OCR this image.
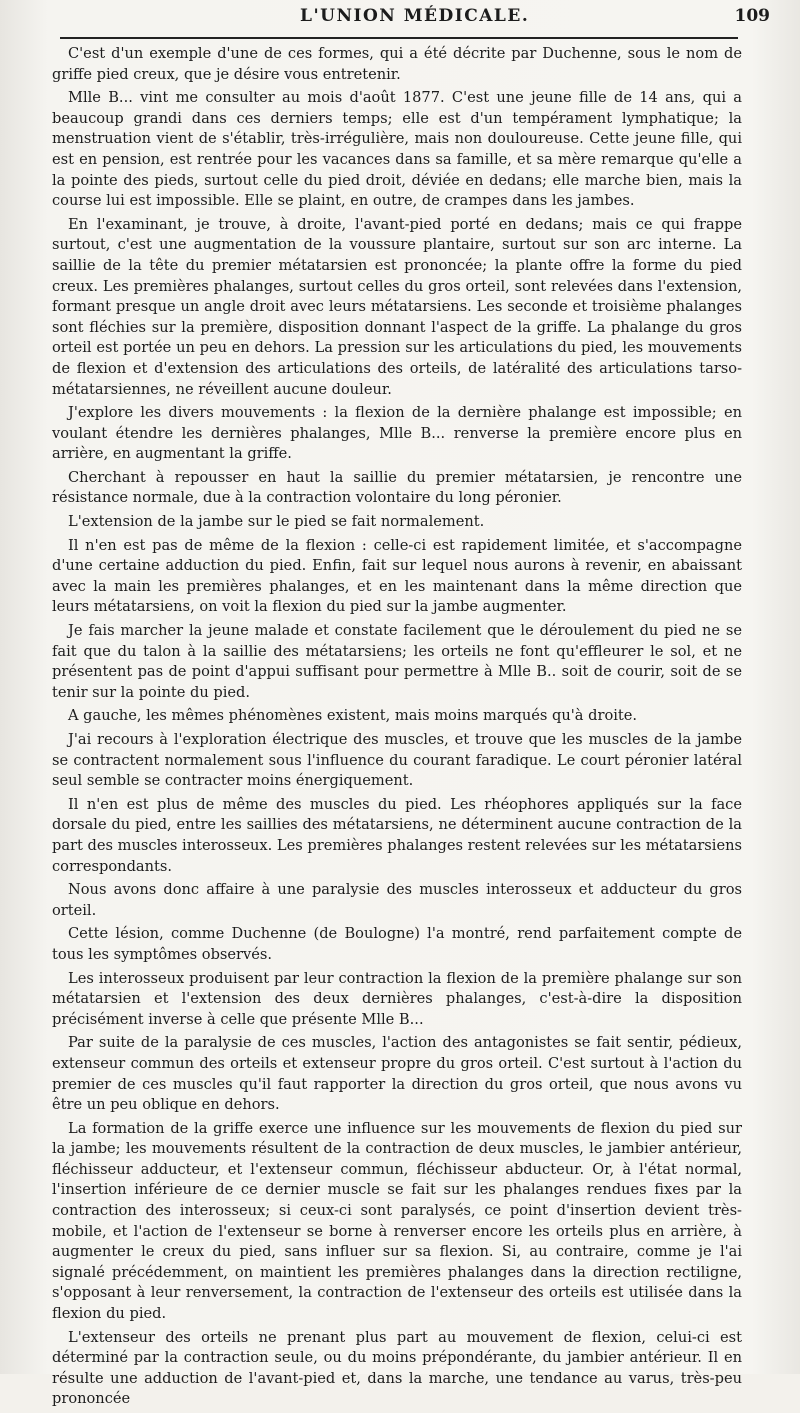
L'UNION MÉDICALE.	109

C'est d'un exemple d'une de ces formes, qui a été décrite par Duchenne, sous le nom de griffe pied creux, que je désire vous entretenir.

Mlle B... vint me consulter au mois d'août 1877. C'est une jeune fille de 14 ans, qui a beaucoup grandi dans ces derniers temps; elle est d'un tempérament lymphatique; la menstruation vient de s'établir, très-irrégulière, mais non douloureuse. Cette jeune fille, qui est en pension, est rentrée pour les vacances dans sa famille, et sa mère remarque qu'elle a la pointe des pieds, surtout celle du pied droit, déviée en dedans; elle marche bien, mais la course lui est impossible. Elle se plaint, en outre, de crampes dans les jambes.

En l'examinant, je trouve, à droite, l'avant-pied porté en dedans; mais ce qui frappe surtout, c'est une augmentation de la voussure plantaire, surtout sur son arc interne. La saillie de la tête du premier métatarsien est prononcée; la plante offre la forme du pied creux. Les premières phalanges, surtout celles du gros orteil, sont relevées dans l'extension, formant presque un angle droit avec leurs métatarsiens. Les seconde et troisième phalanges sont fléchies sur la première, disposition donnant l'aspect de la griffe. La phalange du gros orteil est portée un peu en dehors. La pression sur les articulations du pied, les mouvements de flexion et d'extension des articulations des orteils, de latéralité des articulations tarso-métatarsiennes, ne réveillent aucune douleur.

J'explore les divers mouvements : la flexion de la dernière phalange est impossible; en voulant étendre les dernières phalanges, Mlle B... renverse la première encore plus en arrière, en augmentant la griffe.

Cherchant à repousser en haut la saillie du premier métatarsien, je rencontre une résistance normale, due à la contraction volontaire du long péronier.

L'extension de la jambe sur le pied se fait normalement.

Il n'en est pas de même de la flexion : celle-ci est rapidement limitée, et s'accompagne d'une certaine adduction du pied. Enfin, fait sur lequel nous aurons à revenir, en abaissant avec la main les premières phalanges, et en les maintenant dans la même direction que leurs métatarsiens, on voit la flexion du pied sur la jambe augmenter.

Je fais marcher la jeune malade et constate facilement que le déroulement du pied ne se fait que du talon à la saillie des métatarsiens; les orteils ne font qu'effleurer le sol, et ne présentent pas de point d'appui suffisant pour permettre à Mlle B.. soit de courir, soit de se tenir sur la pointe du pied.

A gauche, les mêmes phénomènes existent, mais moins marqués qu'à droite.

J'ai recours à l'exploration électrique des muscles, et trouve que les muscles de la jambe se contractent normalement sous l'influence du courant faradique. Le court péronier latéral seul semble se contracter moins énergiquement.

Il n'en est plus de même des muscles du pied. Les rhéophores appliqués sur la face dorsale du pied, entre les saillies des métatarsiens, ne déterminent aucune contraction de la part des muscles interosseux. Les premières phalanges restent relevées sur les métatarsiens correspondants.

Nous avons donc affaire à une paralysie des muscles interosseux et adducteur du gros orteil.

Cette lésion, comme Duchenne (de Boulogne) l'a montré, rend parfaitement compte de tous les symptômes observés.

Les interosseux produisent par leur contraction la flexion de la première phalange sur son métatarsien et l'extension des deux dernières phalanges, c'est-à-dire la disposition précisément inverse à celle que présente Mlle B...

Par suite de la paralysie de ces muscles, l'action des antagonistes se fait sentir, pédieux, extenseur commun des orteils et extenseur propre du gros orteil. C'est surtout à l'action du premier de ces muscles qu'il faut rapporter la direction du gros orteil, que nous avons vu être un peu oblique en dehors.

La formation de la griffe exerce une influence sur les mouvements de flexion du pied sur la jambe; les mouvements résultent de la contraction de deux muscles, le jambier antérieur, fléchisseur adducteur, et l'extenseur commun, fléchisseur abducteur. Or, à l'état normal, l'insertion inférieure de ce dernier muscle se fait sur les phalanges rendues fixes par la contraction des interosseux; si ceux-ci sont paralysés, ce point d'insertion devient très-mobile, et l'action de l'extenseur se borne à renverser encore les orteils plus en arrière, à augmenter le creux du pied, sans influer sur sa flexion. Si, au contraire, comme je l'ai signalé précédemment, on maintient les premières phalanges dans la direction rectiligne, s'opposant à leur renversement, la contraction de l'extenseur des orteils est utilisée dans la flexion du pied.

L'extenseur des orteils ne prenant plus part au mouvement de flexion, celui-ci est déterminé par la contraction seule, ou du moins prépondérante, du jambier antérieur. Il en résulte une adduction de l'avant-pied et, dans la marche, une tendance au varus, très-peu prononcée
